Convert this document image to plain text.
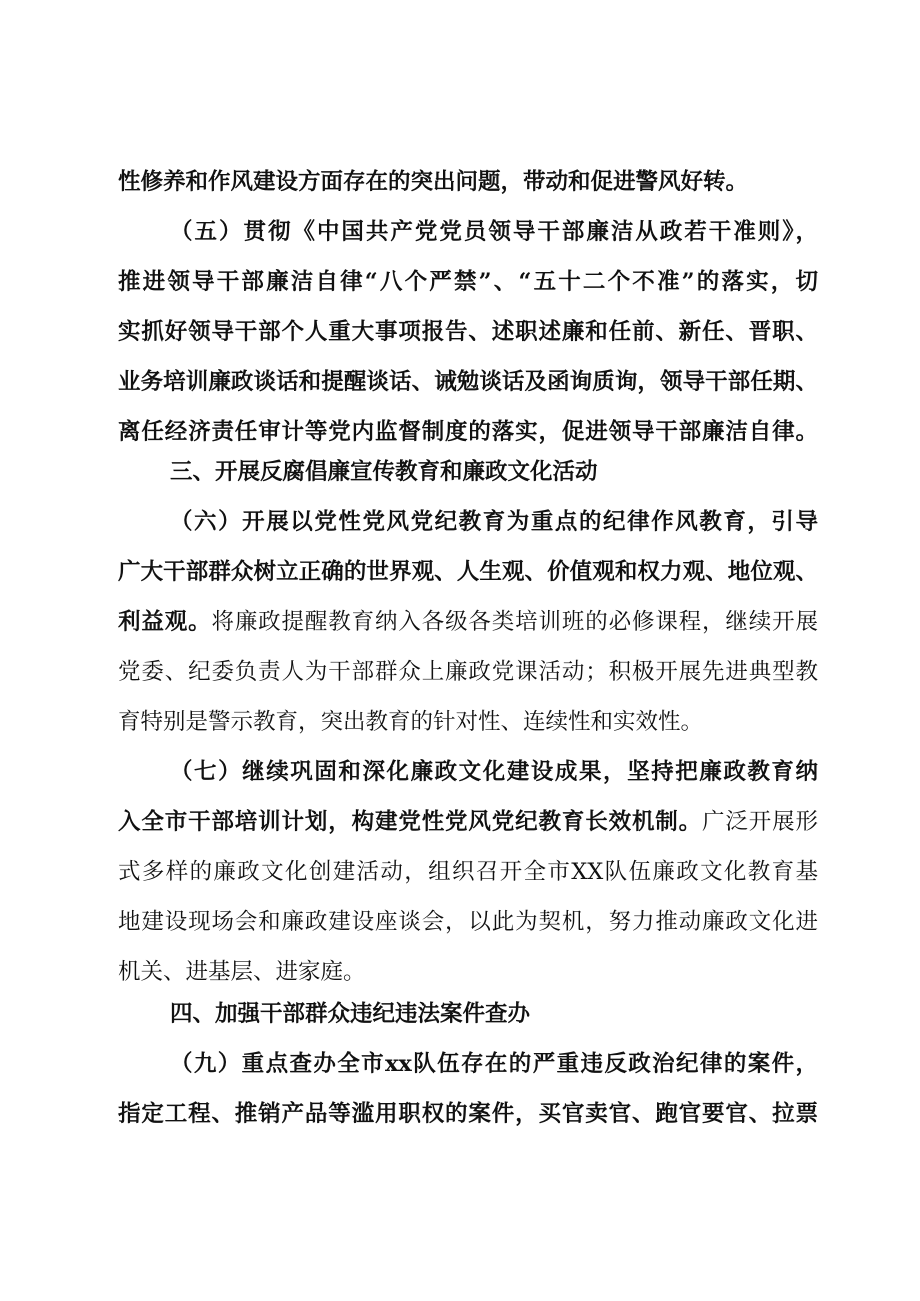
性修养和作风建设方面存在的突出问题，带动和促进警风好转。
（五）贯彻《中国共产党党员领导干部廉洁从政若干准则》，
推进领导干部廉洁自律“八个严禁”、“五十二个不准”的落实，切
实抓好领导干部个人重大事项报告、述职述廉和任前、新任、晋职、
业务培训廉政谈话和提醒谈话、诫勉谈话及函询质询，领导干部任期、
离任经济责任审计等党内监督制度的落实，促进领导干部廉洁自律。
三、开展反腐倡廉宣传教育和廉政文化活动
（六）开展以党性党风党纪教育为重点的纪律作风教育，引导
广大干部群众树立正确的世界观、人生观、价值观和权力观、地位观、
利益观。将廉政提醒教育纳入各级各类培训班的必修课程，继续开展
党委、纪委负责人为干部群众上廉政党课活动；积极开展先进典型教
育特别是警示教育，突出教育的针对性、连续性和实效性。
（七）继续巩固和深化廉政文化建设成果，坚持把廉政教育纳
入全市干部培训计划，构建党性党风党纪教育长效机制。广泛开展形
式多样的廉政文化创建活动，组织召开全市XX队伍廉政文化教育基
地建设现场会和廉政建设座谈会，以此为契机，努力推动廉政文化进
机关、进基层、进家庭。
四、加强干部群众违纪违法案件查办
（九）重点查办全市xx队伍存在的严重违反政治纪律的案件，
指定工程、推销产品等滥用职权的案件，买官卖官、跑官要官、拉票
